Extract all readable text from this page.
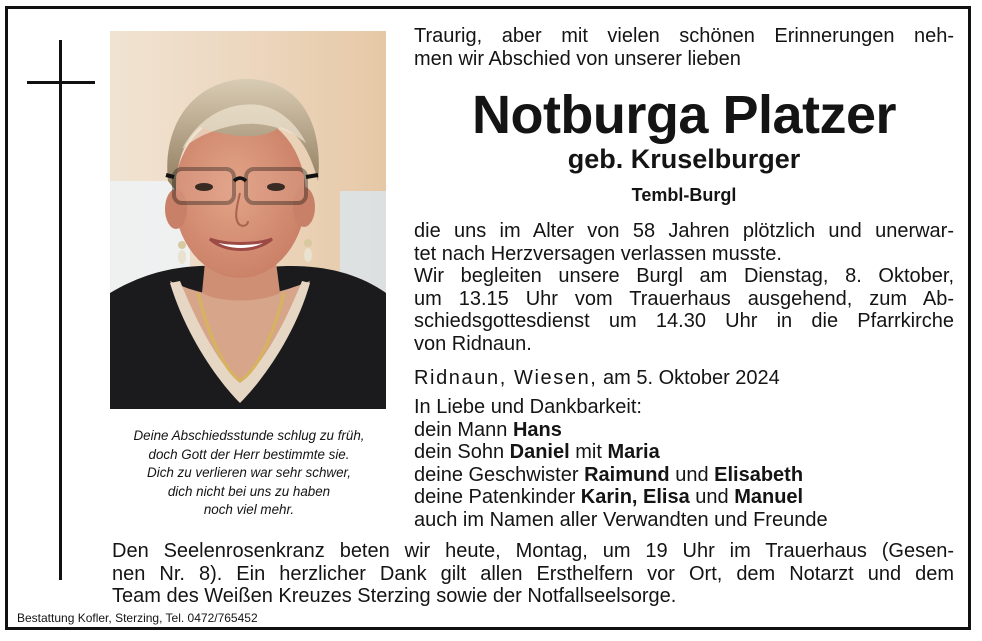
Deine Abschiedsstunde schlug zu früh,
doch Gott der Herr bestimmte sie.
Dich zu verlieren war sehr schwer,
dich nicht bei uns zu haben
noch viel mehr.
Traurig, aber mit vielen schönen Erinnerungen neh-
men wir Abschied von unserer lieben
Notburga Platzer
geb. Kruselburger
Tembl-Burgl
die uns im Alter von 58 Jahren plötzlich und unerwar-
tet nach Herzversagen verlassen musste.
Wir begleiten unsere Burgl am Dienstag, 8. Oktober,
um 13.15 Uhr vom Trauerhaus ausgehend, zum Ab-
schiedsgottesdienst um 14.30 Uhr in die Pfarrkirche
von Ridnaun.
Ridnaun, Wiesen, am 5. Oktober 2024
In Liebe und Dankbarkeit:
dein Mann Hans
dein Sohn Daniel mit Maria
deine Geschwister Raimund und Elisabeth
deine Patenkinder Karin, Elisa und Manuel
auch im Namen aller Verwandten und Freunde
Den Seelenrosenkranz beten wir heute, Montag, um 19 Uhr im Trauerhaus (Gesen-
nen Nr. 8). Ein herzlicher Dank gilt allen Ersthelfern vor Ort, dem Notarzt und dem
Team des Weißen Kreuzes Sterzing sowie der Notfallseelsorge.
Bestattung Kofler, Sterzing, Tel. 0472/765452
